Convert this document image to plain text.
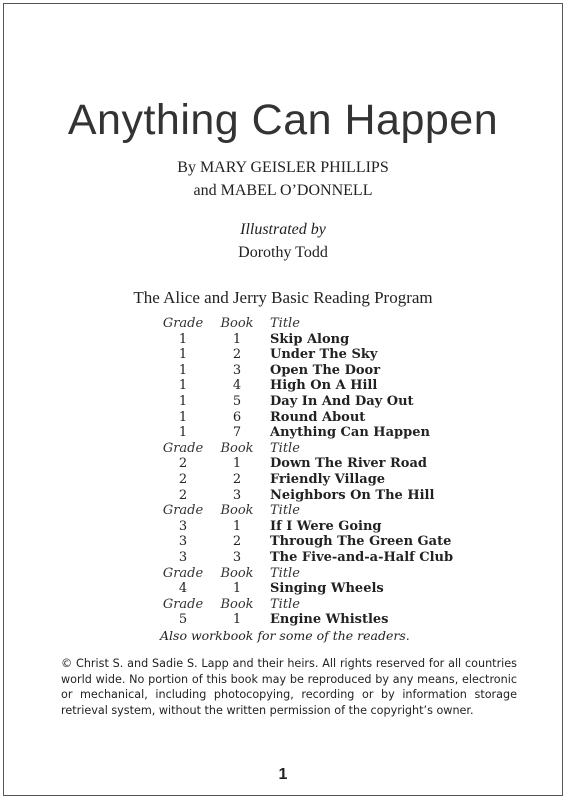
Anything Can Happen
By MARY GEISLER PHILLIPS
and MABEL O’DONNELL
Illustrated by
Dorothy Todd
The Alice and Jerry Basic Reading Program
Grade	Book	Title
1	1	Skip Along
1	2	Under The Sky
1	3	Open The Door
1	4	High On A Hill
1	5	Day In And Day Out
1	6	Round About
1	7	Anything Can Happen
Grade	Book	Title
2	1	Down The River Road
2	2	Friendly Village
2	3	Neighbors On The Hill
Grade	Book	Title
3	1	If I Were Going
3	2	Through The Green Gate
3	3	The Five-and-a-Half Club
Grade	Book	Title
4	1	Singing Wheels
Grade	Book	Title
5	1	Engine Whistles
Also workbook for some of the readers.
© Christ S. and Sadie S. Lapp and their heirs. All rights reserved for all countries world wide. No portion of this book may be reproduced by any means, electronic or mechanical, including photocopying, recording or by information storage retrieval system, without the written permission of the copyright’s owner.
1
